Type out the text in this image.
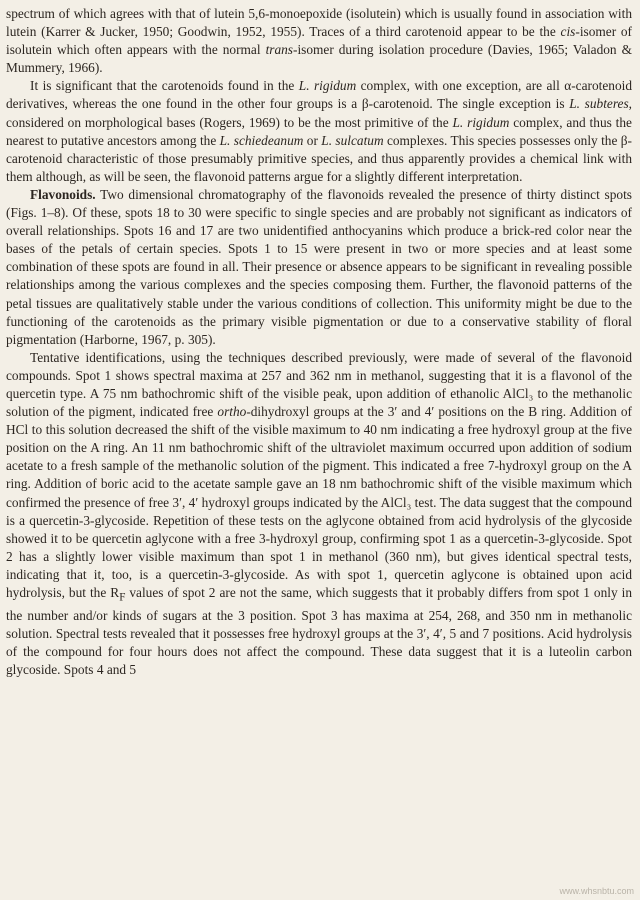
spectrum of which agrees with that of lutein 5,6-monoepoxide (isolutein) which is usually found in association with lutein (Karrer & Jucker, 1950; Goodwin, 1952, 1955). Traces of a third carotenoid appear to be the cis-isomer of isolutein which often appears with the normal trans-isomer during isolation procedure (Davies, 1965; Valadon & Mummery, 1966).

It is significant that the carotenoids found in the L. rigidum complex, with one exception, are all α-carotenoid derivatives, whereas the one found in the other four groups is a β-carotenoid. The single exception is L. subteres, considered on morphological bases (Rogers, 1969) to be the most primitive of the L. rigidum complex, and thus the nearest to putative ancestors among the L. schiedeanum or L. sulcatum complexes. This species possesses only the β-carotenoid characteristic of those presumably primitive species, and thus apparently provides a chemical link with them although, as will be seen, the flavonoid patterns argue for a slightly different interpretation.

Flavonoids. Two dimensional chromatography of the flavonoids revealed the presence of thirty distinct spots (Figs. 1–8). Of these, spots 18 to 30 were specific to single species and are probably not significant as indicators of overall relationships. Spots 16 and 17 are two unidentified anthocyanins which produce a brick-red color near the bases of the petals of certain species. Spots 1 to 15 were present in two or more species and at least some combination of these spots are found in all. Their presence or absence appears to be significant in revealing possible relationships among the various complexes and the species composing them. Further, the flavonoid patterns of the petal tissues are qualitatively stable under the various conditions of collection. This uniformity might be due to the functioning of the carotenoids as the primary visible pigmentation or due to a conservative stability of floral pigmentation (Harborne, 1967, p. 305).

Tentative identifications, using the techniques described previously, were made of several of the flavonoid compounds. Spot 1 shows spectral maxima at 257 and 362 nm in methanol, suggesting that it is a flavonol of the quercetin type. A 75 nm bathochromic shift of the visible peak, upon addition of ethanolic AlCl₃ to the methanolic solution of the pigment, indicated free ortho-dihydroxyl groups at the 3′ and 4′ positions on the B ring. Addition of HCl to this solution decreased the shift of the visible maximum to 40 nm indicating a free hydroxyl group at the five position on the A ring. An 11 nm bathochromic shift of the ultraviolet maximum occurred upon addition of sodium acetate to a fresh sample of the methanolic solution of the pigment. This indicated a free 7-hydroxyl group on the A ring. Addition of boric acid to the acetate sample gave an 18 nm bathochromic shift of the visible maximum which confirmed the presence of free 3′, 4′ hydroxyl groups indicated by the AlCl₃ test. The data suggest that the compound is a quercetin-3-glycoside. Repetition of these tests on the aglycone obtained from acid hydrolysis of the glycoside showed it to be quercetin aglycone with a free 3-hydroxyl group, confirming spot 1 as a quercetin-3-glycoside. Spot 2 has a slightly lower visible maximum than spot 1 in methanol (360 nm), but gives identical spectral tests, indicating that it, too, is a quercetin-3-glycoside. As with spot 1, quercetin aglycone is obtained upon acid hydrolysis, but the $R_F$ values of spot 2 are not the same, which suggests that it probably differs from spot 1 only in the number and/or kinds of sugars at the 3 position. Spot 3 has maxima at 254, 268, and 350 nm in methanolic solution. Spectral tests revealed that it possesses free hydroxyl groups at the 3′, 4′, 5 and 7 positions. Acid hydrolysis of the compound for four hours does not affect the compound. These data suggest that it is a luteolin carbon glycoside. Spots 4 and 5

www.whsnbtu.com
